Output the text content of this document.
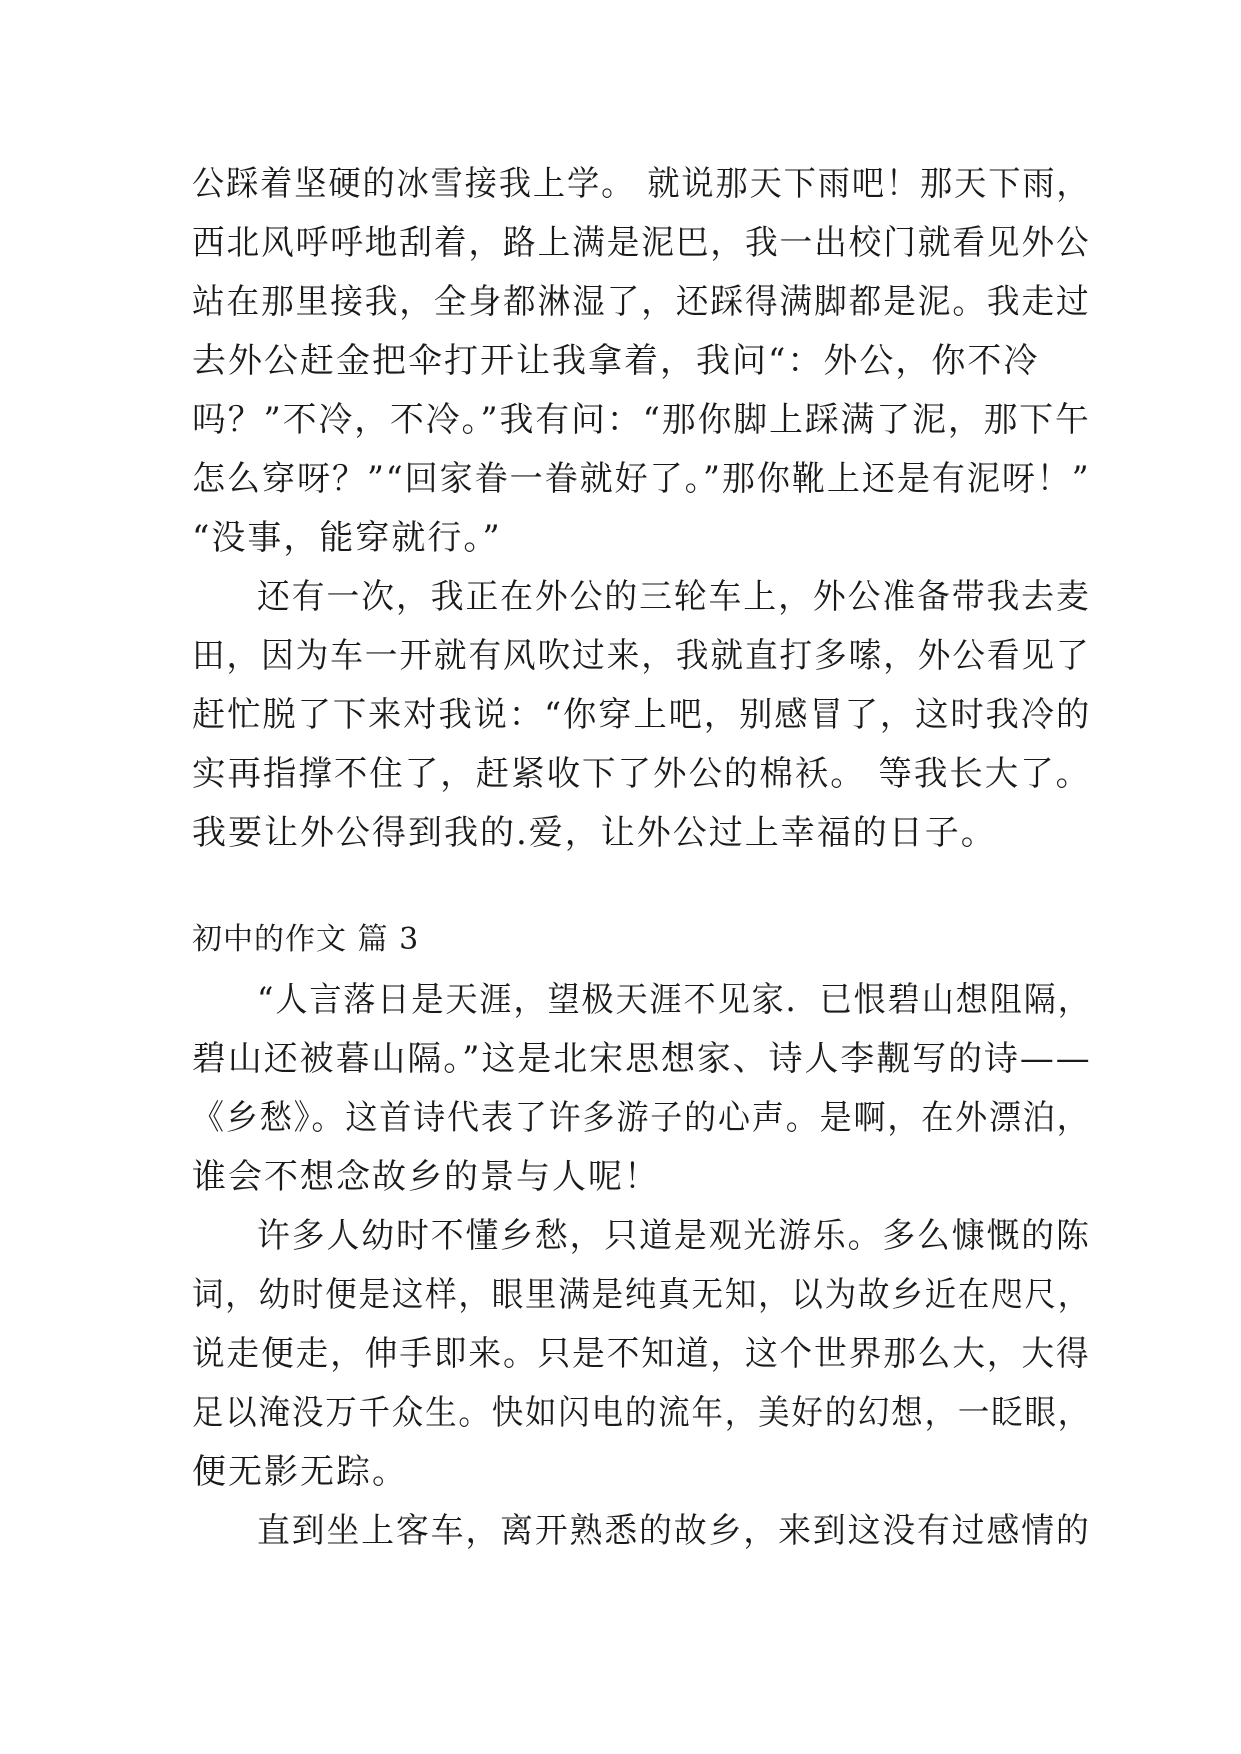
公踩着坚硬的冰雪接我上学。 就说那天下雨吧！那天下雨，
西北风呼呼地刮着，路上满是泥巴，我一出校门就看见外公
站在那里接我，全身都淋湿了，还踩得满脚都是泥。我走过
去外公赶金把伞打开让我拿着，我问“：外公，你不冷
吗？”不冷，不冷。”我有问：“那你脚上踩满了泥，那下午
怎么穿呀？”“回家眷一眷就好了。”那你靴上还是有泥呀！”
“没事，能穿就行。”
还有一次，我正在外公的三轮车上，外公准备带我去麦
田，因为车一开就有风吹过来，我就直打多嗦，外公看见了
赶忙脱了下来对我说：“你穿上吧，别感冒了，这时我冷的
实再指撑不住了，赶紧收下了外公的棉袄。 等我长大了。
我要让外公得到我的.爱，让外公过上幸福的日子。
初中的作文 篇 3
“人言落日是天涯，望极天涯不见家．已恨碧山想阻隔，
碧山还被暮山隔。”这是北宋思想家、诗人李觏写的诗——
《乡愁》。这首诗代表了许多游子的心声。是啊，在外漂泊，
谁会不想念故乡的景与人呢！
许多人幼时不懂乡愁，只道是观光游乐。多么慷慨的陈
词，幼时便是这样，眼里满是纯真无知，以为故乡近在咫尺，
说走便走，伸手即来。只是不知道，这个世界那么大，大得
足以淹没万千众生。快如闪电的流年，美好的幻想，一眨眼，
便无影无踪。
直到坐上客车，离开熟悉的故乡，来到这没有过感情的
